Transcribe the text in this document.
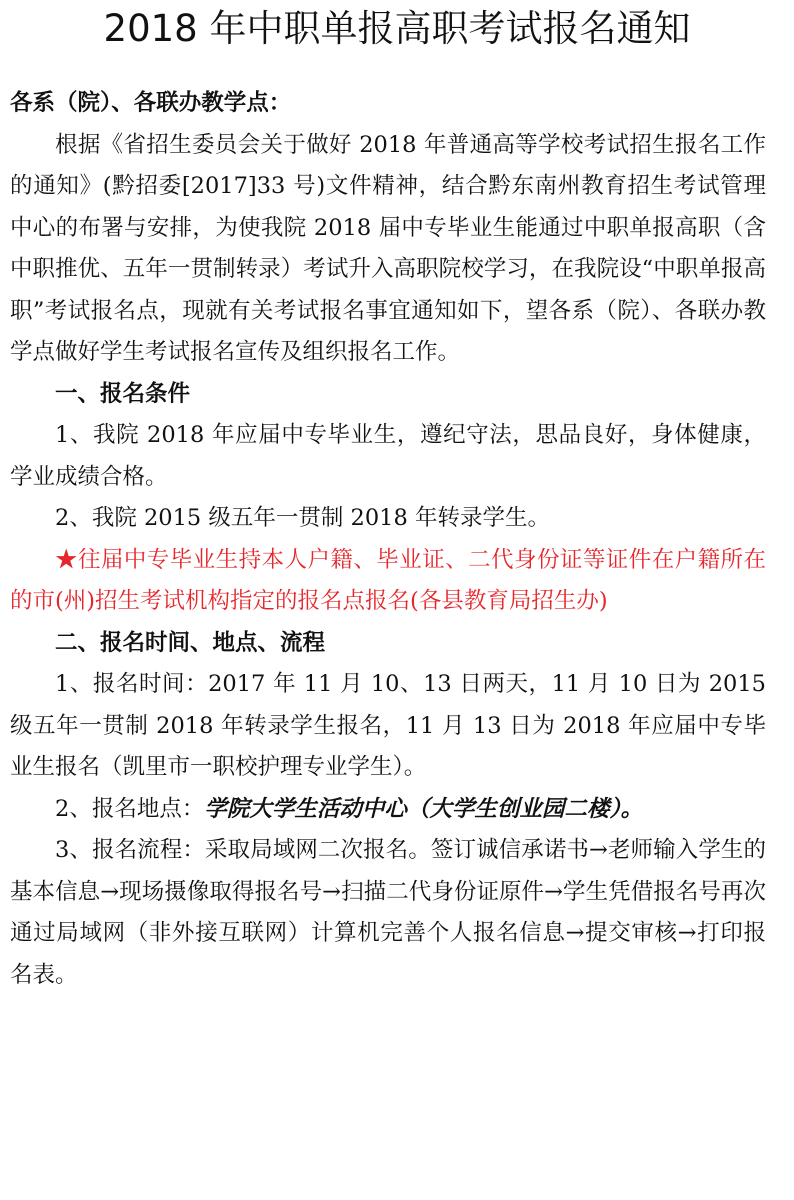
2018 年中职单报高职考试报名通知

各系（院）、各联办教学点：

根据《省招生委员会关于做好 2018 年普通高等学校考试招生报名工作的通知》(黔招委[2017]33 号)文件精神，结合黔东南州教育招生考试管理中心的布署与安排，为使我院 2018 届中专毕业生能通过中职单报高职（含中职推优、五年一贯制转录）考试升入高职院校学习，在我院设“中职单报高职”考试报名点，现就有关考试报名事宜通知如下，望各系（院）、各联办教学点做好学生考试报名宣传及组织报名工作。

一、报名条件

1、我院 2018 年应届中专毕业生，遵纪守法，思品良好，身体健康，学业成绩合格。

2、我院 2015 级五年一贯制 2018 年转录学生。

★往届中专毕业生持本人户籍、毕业证、二代身份证等证件在户籍所在的市(州)招生考试机构指定的报名点报名(各县教育局招生办)

二、报名时间、地点、流程

1、报名时间：2017 年 11 月 10、13 日两天，11 月 10 日为 2015 级五年一贯制 2018 年转录学生报名，11 月 13 日为 2018 年应届中专毕业生报名（凯里市一职校护理专业学生）。

2、报名地点：学院大学生活动中心（大学生创业园二楼）。

3、报名流程：采取局域网二次报名。签订诚信承诺书→老师输入学生的基本信息→现场摄像取得报名号→扫描二代身份证原件→学生凭借报名号再次通过局域网（非外接互联网）计算机完善个人报名信息→提交审核→打印报名表。
